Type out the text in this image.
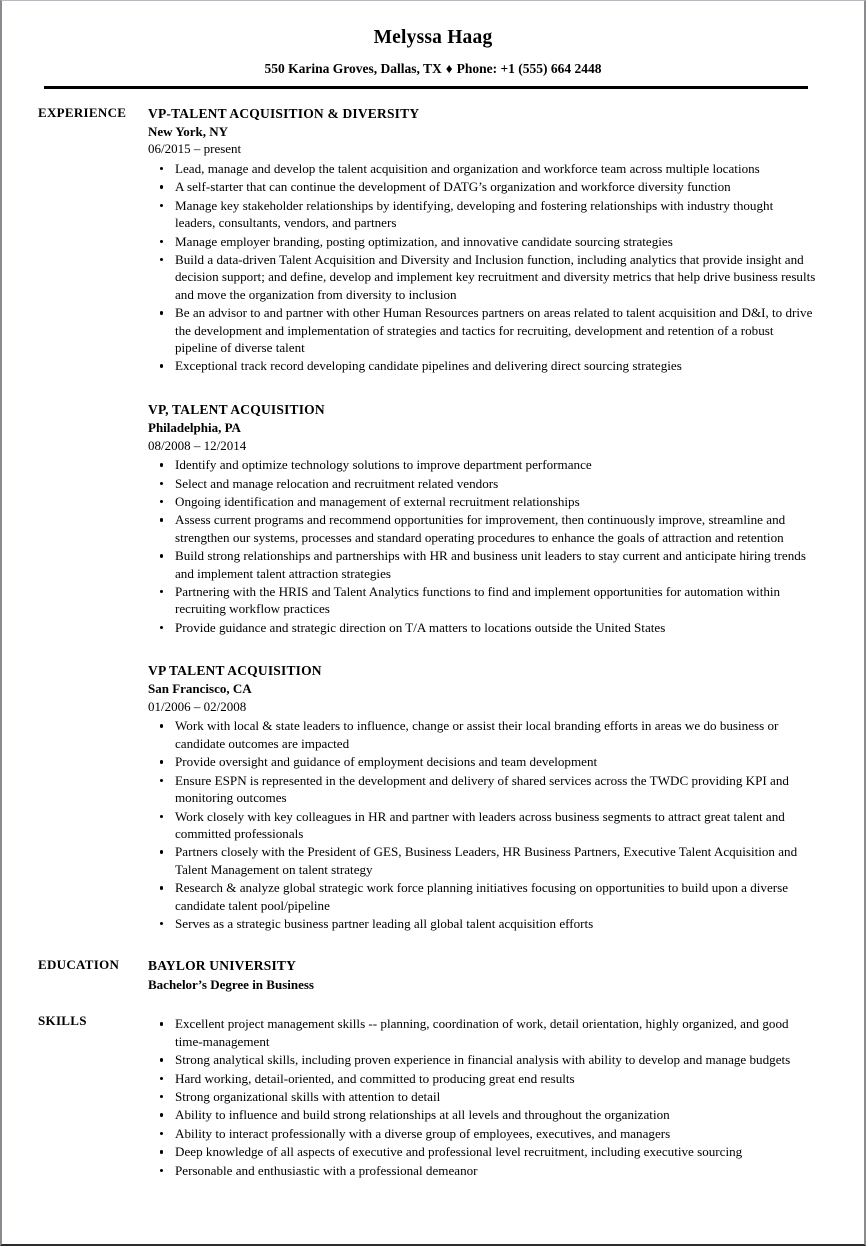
Melyssa Haag
550 Karina Groves, Dallas, TX ♦ Phone: +1 (555) 664 2448
EXPERIENCE	VP-TALENT ACQUISITION & DIVERSITY
New York, NY
06/2015 – present
Lead, manage and develop the talent acquisition and organization and workforce team across multiple locations
A self-starter that can continue the development of DATG’s organization and workforce diversity function
Manage key stakeholder relationships by identifying, developing and fostering relationships with industry thought leaders, consultants, vendors, and partners
Manage employer branding, posting optimization, and innovative candidate sourcing strategies
Build a data-driven Talent Acquisition and Diversity and Inclusion function, including analytics that provide insight and decision support; and define, develop and implement key recruitment and diversity metrics that help drive business results and move the organization from diversity to inclusion
Be an advisor to and partner with other Human Resources partners on areas related to talent acquisition and D&I, to drive the development and implementation of strategies and tactics for recruiting, development and retention of a robust pipeline of diverse talent
Exceptional track record developing candidate pipelines and delivering direct sourcing strategies
VP, TALENT ACQUISITION
Philadelphia, PA
08/2008 – 12/2014
Identify and optimize technology solutions to improve department performance
Select and manage relocation and recruitment related vendors
Ongoing identification and management of external recruitment relationships
Assess current programs and recommend opportunities for improvement, then continuously improve, streamline and strengthen our systems, processes and standard operating procedures to enhance the goals of attraction and retention
Build strong relationships and partnerships with HR and business unit leaders to stay current and anticipate hiring trends and implement talent attraction strategies
Partnering with the HRIS and Talent Analytics functions to find and implement opportunities for automation within recruiting workflow practices
Provide guidance and strategic direction on T/A matters to locations outside the United States
VP TALENT ACQUISITION
San Francisco, CA
01/2006 – 02/2008
Work with local & state leaders to influence, change or assist their local branding efforts in areas we do business or candidate outcomes are impacted
Provide oversight and guidance of employment decisions and team development
Ensure ESPN is represented in the development and delivery of shared services across the TWDC providing KPI and monitoring outcomes
Work closely with key colleagues in HR and partner with leaders across business segments to attract great talent and committed professionals
Partners closely with the President of GES, Business Leaders, HR Business Partners, Executive Talent Acquisition and Talent Management on talent strategy
Research & analyze global strategic work force planning initiatives focusing on opportunities to build upon a diverse candidate talent pool/pipeline
Serves as a strategic business partner leading all global talent acquisition efforts
EDUCATION	BAYLOR UNIVERSITY
Bachelor’s Degree in Business
SKILLS	Excellent project management skills -- planning, coordination of work, detail orientation, highly organized, and good time-management
Strong analytical skills, including proven experience in financial analysis with ability to develop and manage budgets
Hard working, detail-oriented, and committed to producing great end results
Strong organizational skills with attention to detail
Ability to influence and build strong relationships at all levels and throughout the organization
Ability to interact professionally with a diverse group of employees, executives, and managers
Deep knowledge of all aspects of executive and professional level recruitment, including executive sourcing
Personable and enthusiastic with a professional demeanor
